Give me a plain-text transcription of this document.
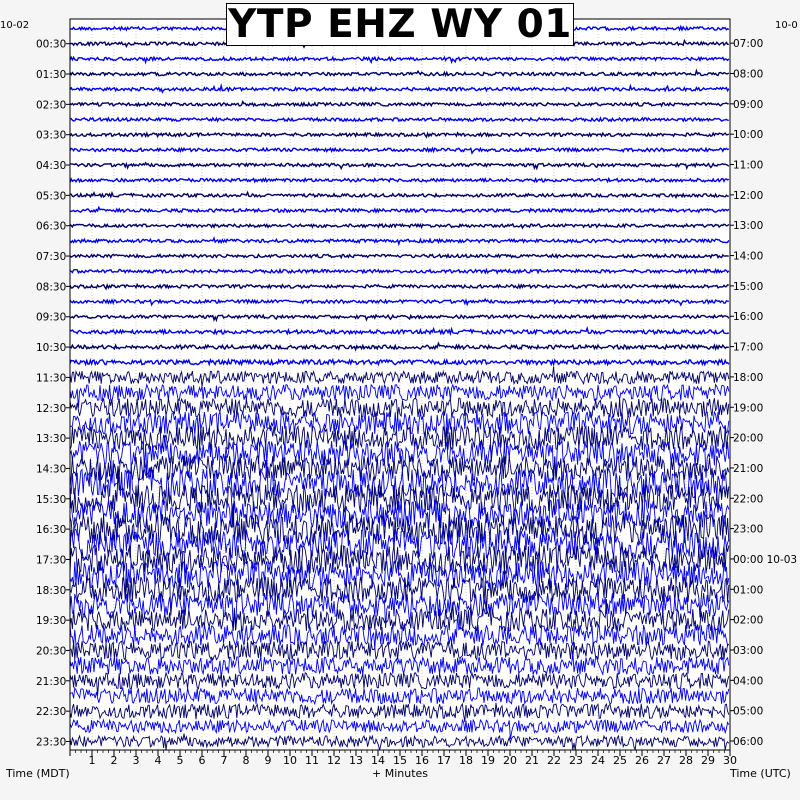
YTP EHZ WY 01
10-02	10-0
Time (MDT)	+ Minutes	Time (UTC)
1 2 3 4 5 6 7 8 9 10 11 12 13 14 15 16 17 18 19 20 21 22 23 24 25 26 27 28 29 30
00:30
01:30
02:30
03:30
04:30
05:30
06:30
07:30
08:30
09:30
10:30
11:30
12:30
13:30
14:30
15:30
16:30
17:30
18:30
19:30
20:30
21:30
22:30
23:30
07:00
08:00
09:00
10:00
11:00
12:00
13:00
14:00
15:00
16:00
17:00
18:00
19:00
20:00
21:00
22:00
23:00
00:00 10-03
01:00
02:00
03:00
04:00
05:00
06:00
